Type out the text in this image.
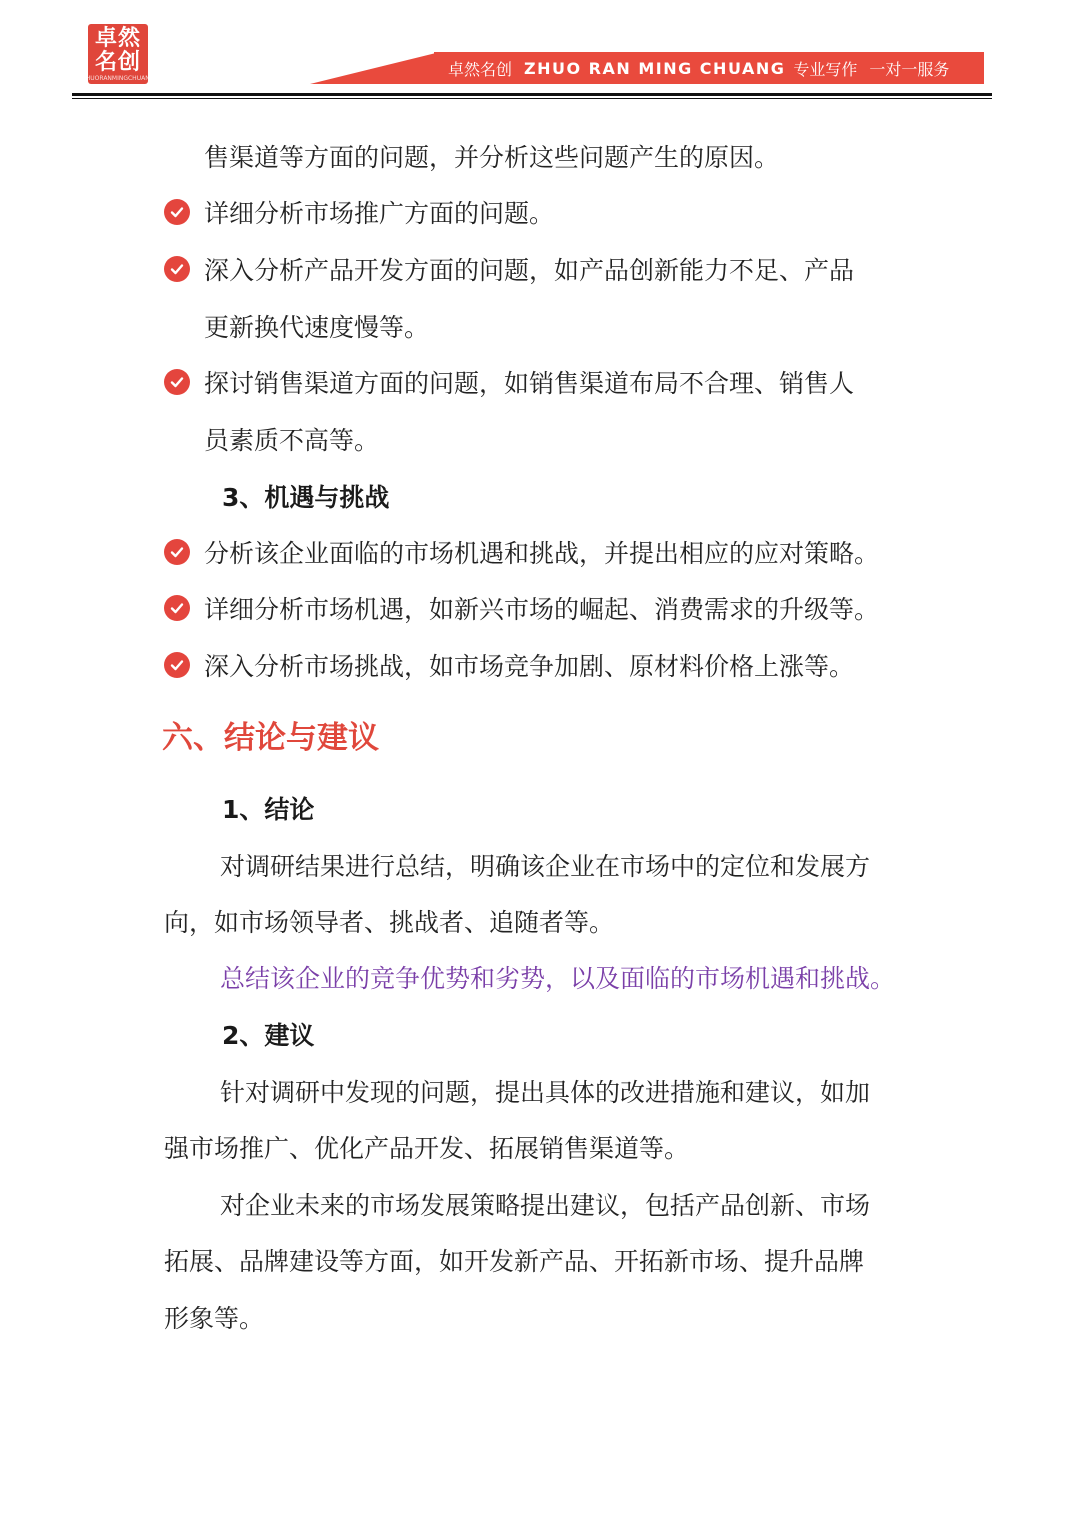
卓然
名创
ZHUORANMINGCHUANG	卓然名创 ZHUO RAN MING CHUANG 专业写作 一对一服务
售渠道等方面的问题，并分析这些问题产生的原因。
详细分析市场推广方面的问题。
深入分析产品开发方面的问题，如产品创新能力不足、产品
更新换代速度慢等。
探讨销售渠道方面的问题，如销售渠道布局不合理、销售人
员素质不高等。
3、机遇与挑战
分析该企业面临的市场机遇和挑战，并提出相应的应对策略。
详细分析市场机遇，如新兴市场的崛起、消费需求的升级等。
深入分析市场挑战，如市场竞争加剧、原材料价格上涨等。
六、结论与建议
1、结论
对调研结果进行总结，明确该企业在市场中的定位和发展方
向，如市场领导者、挑战者、追随者等。
总结该企业的竞争优势和劣势，以及面临的市场机遇和挑战。
2、建议
针对调研中发现的问题，提出具体的改进措施和建议，如加
强市场推广、优化产品开发、拓展销售渠道等。
对企业未来的市场发展策略提出建议，包括产品创新、市场
拓展、品牌建设等方面，如开发新产品、开拓新市场、提升品牌
形象等。
